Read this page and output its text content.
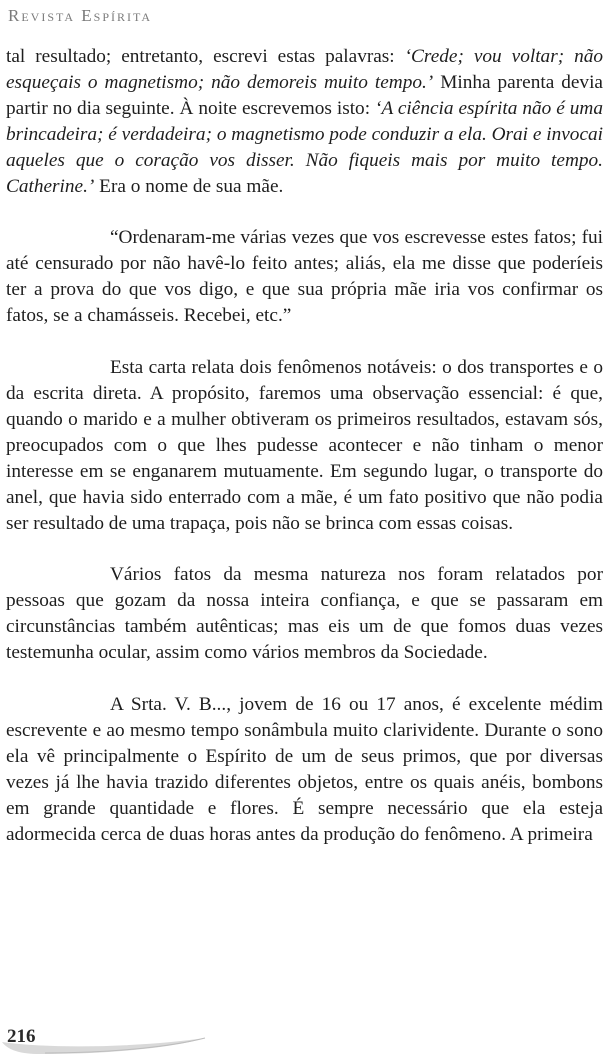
Revista Espírita

tal resultado; entretanto, escrevi estas palavras: ‘Crede; vou voltar; não esqueçais o magnetismo; não demoreis muito tempo.’ Minha parenta devia partir no dia seguinte. À noite escrevemos isto: ‘A ciência espírita não é uma brincadeira; é verdadeira; o magnetismo pode conduzir a ela. Orai e invocai aqueles que o coração vos disser. Não fiqueis mais por muito tempo. Catherine.’ Era o nome de sua mãe.

“Ordenaram-me várias vezes que vos escrevesse estes fatos; fui até censurado por não havê-lo feito antes; aliás, ela me disse que poderíeis ter a prova do que vos digo, e que sua própria mãe iria vos confirmar os fatos, se a chamásseis. Recebei, etc.”

Esta carta relata dois fenômenos notáveis: o dos transportes e o da escrita direta. A propósito, faremos uma observação essencial: é que, quando o marido e a mulher obtiveram os primeiros resultados, estavam sós, preocupados com o que lhes pudesse acontecer e não tinham o menor interesse em se enganarem mutuamente. Em segundo lugar, o transporte do anel, que havia sido enterrado com a mãe, é um fato positivo que não podia ser resultado de uma trapaça, pois não se brinca com essas coisas.

Vários fatos da mesma natureza nos foram relatados por pessoas que gozam da nossa inteira confiança, e que se passaram em circunstâncias também autênticas; mas eis um de que fomos duas vezes testemunha ocular, assim como vários membros da Sociedade.

A Srta. V. B..., jovem de 16 ou 17 anos, é excelente médim escrevente e ao mesmo tempo sonâmbula muito clarividente. Durante o sono ela vê principalmente o Espírito de um de seus primos, que por diversas vezes já lhe havia trazido diferentes objetos, entre os quais anéis, bombons em grande quantidade e flores. É sempre necessário que ela esteja adormecida cerca de duas horas antes da produção do fenômeno. A primeira

216
